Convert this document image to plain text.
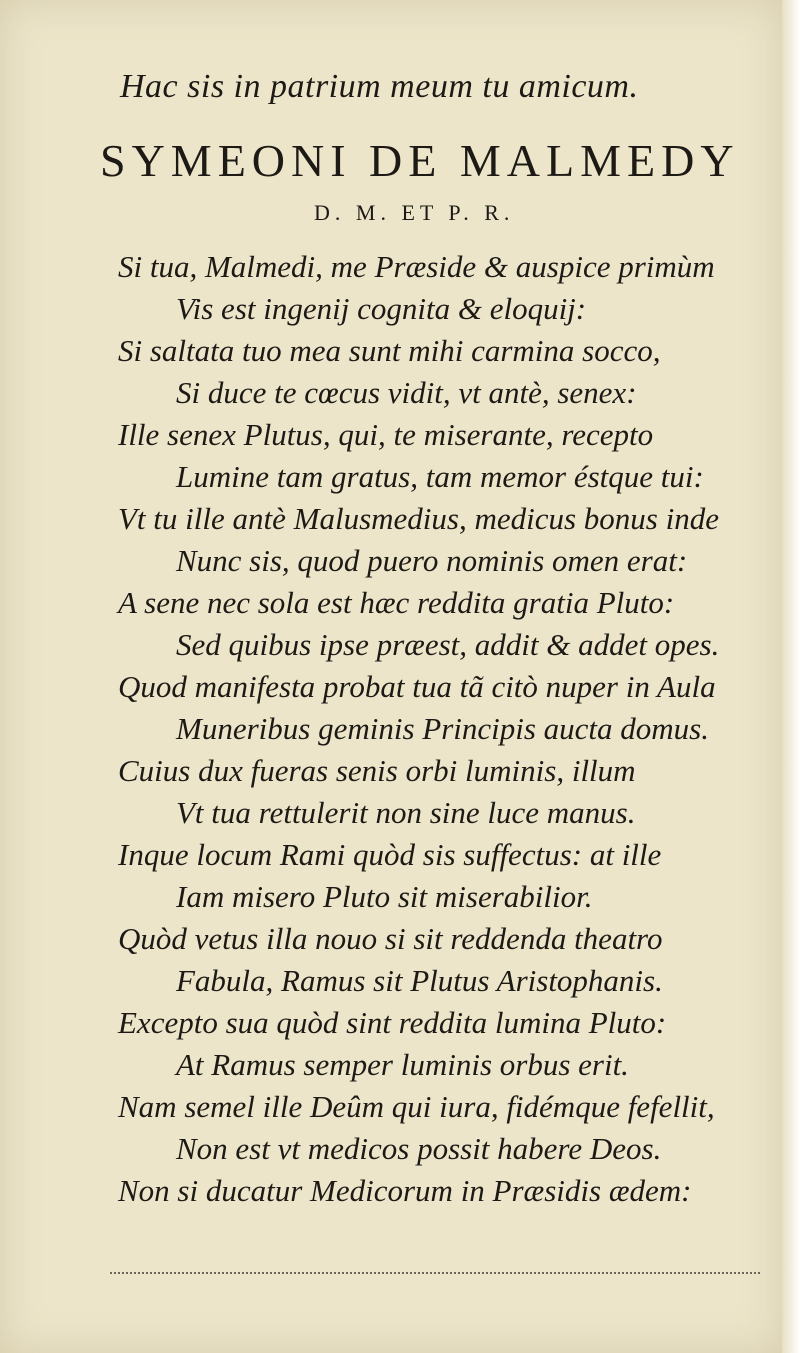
Hac sis in patrium meum tu amicum.
SYMEONI DE MALMEDY
D. M. ET P. R.
Si tua, Malmedi, me Præside & auspice primùm
Vis est ingenij cognita & eloquij:
Si saltata tuo mea sunt mihi carmina socco,
Si duce te cœcus vidit, vt antè, senex:
Ille senex Plutus, qui, te miserante, recepto
Lumine tam gratus, tam memor éstque tui:
Vt tu ille antè Malusmedius, medicus bonus inde
Nunc sis, quod puero nominis omen erat:
A sene nec sola est hæc reddita gratia Pluto:
Sed quibus ipse præest, addit & addet opes.
Quod manifesta probat tua tã citò nuper in Aula
Muneribus geminis Principis aucta domus.
Cuius dux fueras senis orbi luminis, illum
Vt tua rettulerit non sine luce manus.
Inque locum Rami quòd sis suffectus: at ille
Iam misero Pluto sit miserabilior.
Quòd vetus illa nouo si sit reddenda theatro
Fabula, Ramus sit Plutus Aristophanis.
Excepto sua quòd sint reddita lumina Pluto:
At Ramus semper luminis orbus erit.
Nam semel ille Deûm qui iura, fidémque fefellit,
Non est vt medicos possit habere Deos.
Non si ducatur Medicorum in Præsidis ædem:
